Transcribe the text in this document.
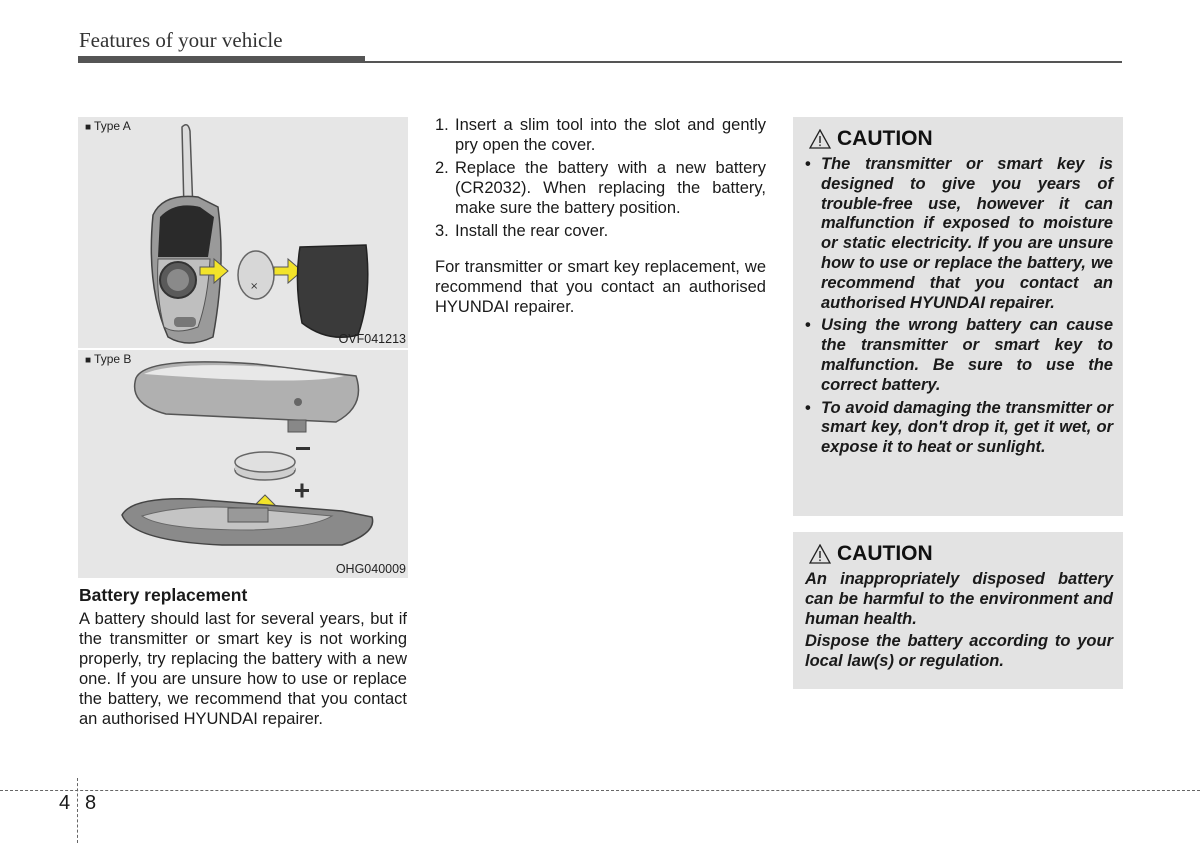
Features of your vehicle
×
■ Type A
OVF041213
■ Type B
OHG040009
Battery replacement
A battery should last for several years, but if the transmitter or smart key is not working properly, try replacing the battery with a new one. If you are unsure how to use or replace the battery, we recommend that you contact an authorised HYUNDAI repairer.
1. Insert a slim tool into the slot and gently pry open the cover.
2. Replace the battery with a new battery (CR2032). When replacing the battery, make sure the battery position.
3. Install the rear cover.
For transmitter or smart key replacement, we recommend that you contact an authorised HYUNDAI repairer.
CAUTION
• The transmitter or smart key is designed to give you years of trouble-free use, however it can malfunction if exposed to moisture or static electricity. If you are unsure how to use or replace the battery, we recommend that you contact an authorised HYUNDAI repairer.
• Using the wrong battery can cause the transmitter or smart key to malfunction. Be sure to use the correct battery.
• To avoid damaging the transmitter or smart key, don't drop it, get it wet, or expose it to heat or sunlight.
CAUTION

An inappropriately disposed battery can be harmful to the environment and human health.

Dispose the battery according to your local law(s) or regulation.

4 8
